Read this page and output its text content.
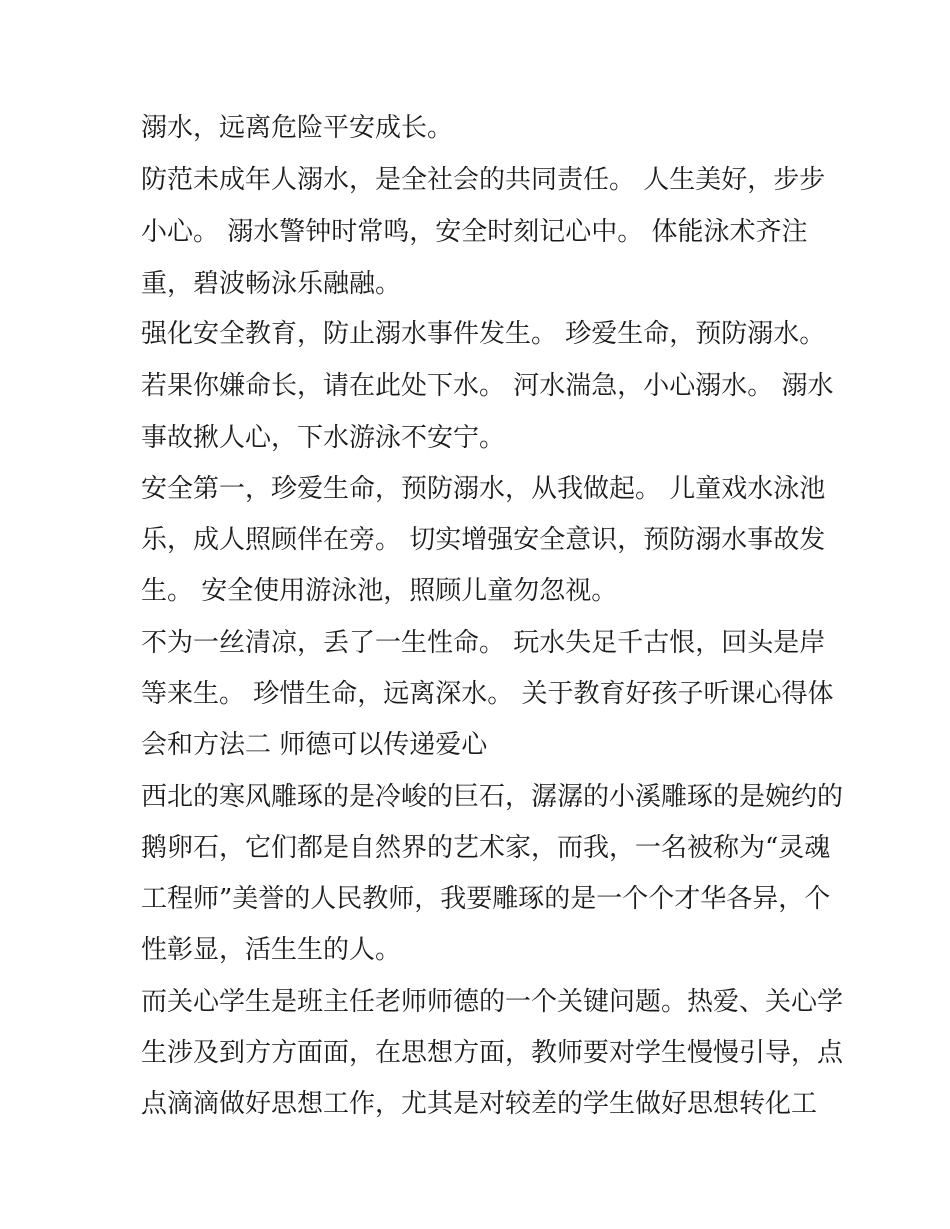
溺水，远离危险平安成长。
防范未成年人溺水，是全社会的共同责任。 人生美好，步步
小心。 溺水警钟时常鸣，安全时刻记心中。 体能泳术齐注
重，碧波畅泳乐融融。
强化安全教育，防止溺水事件发生。 珍爱生命，预防溺水。
若果你嫌命长，请在此处下水。 河水湍急，小心溺水。 溺水
事故揪人心，下水游泳不安宁。
安全第一，珍爱生命，预防溺水，从我做起。 儿童戏水泳池
乐，成人照顾伴在旁。 切实增强安全意识，预防溺水事故发
生。 安全使用游泳池，照顾儿童勿忽视。
不为一丝清凉，丢了一生性命。 玩水失足千古恨，回头是岸
等来生。 珍惜生命，远离深水。 关于教育好孩子听课心得体
会和方法二 师德可以传递爱心
西北的寒风雕琢的是冷峻的巨石，潺潺的小溪雕琢的是婉约的
鹅卵石，它们都是自然界的艺术家，而我，一名被称为“灵魂
工程师”美誉的人民教师，我要雕琢的是一个个才华各异，个
性彰显，活生生的人。
而关心学生是班主任老师师德的一个关键问题。热爱、关心学
生涉及到方方面面，在思想方面，教师要对学生慢慢引导，点
点滴滴做好思想工作，尤其是对较差的学生做好思想转化工
